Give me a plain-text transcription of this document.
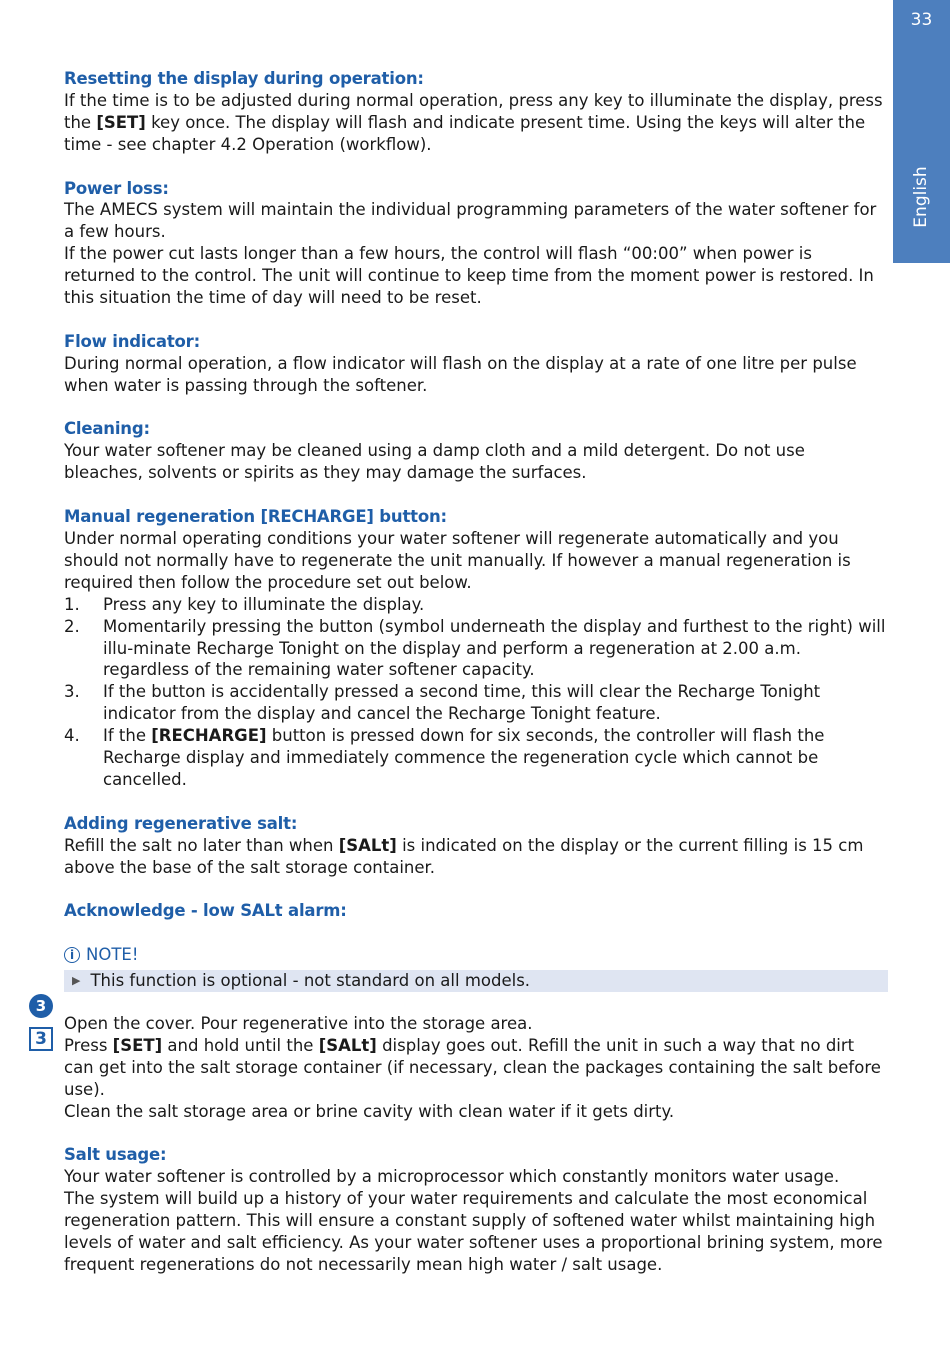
33
English
3
3
Resetting the display during operation:

If the time is to be adjusted during normal operation, press any key to illuminate the display, press the [SET] key once. The display will flash and indicate present time. Using the keys will alter the time - see chapter 4.2 Operation (workflow).

Power loss:

The AMECS system will maintain the individual programming parameters of the water softener for a few hours.

If the power cut lasts longer than a few hours, the control will flash “00:00” when power is returned to the control. The unit will continue to keep time from the moment power is restored. In this situation the time of day will need to be reset.

Flow indicator:

During normal operation, a flow indicator will flash on the display at a rate of one litre per pulse when water is passing through the softener.

Cleaning:

Your water softener may be cleaned using a damp cloth and a mild detergent. Do not use bleaches, solvents or spirits as they may damage the surfaces.

Manual regeneration [RECHARGE] button:

Under normal operating conditions your water softener will regenerate automatically and you should not normally have to regenerate the unit manually. If however a manual regeneration is required then follow the procedure set out below.

1. Press any key to illuminate the display.
2. Momentarily pressing the button (symbol underneath the display and furthest to the right) will illu-minate Recharge Tonight on the display and perform a regeneration at 2.00 a.m. regardless of the remaining water softener capacity.
3. If the button is accidentally pressed a second time, this will clear the Recharge Tonight indicator from the display and cancel the Recharge Tonight feature.
4. If the [RECHARGE] button is pressed down for six seconds, the controller will flash the Recharge display and immediately commence the regeneration cycle which cannot be cancelled.
Adding regenerative salt:

Refill the salt no later than when [SALt] is indicated on the display or the current filling is 15 cm above the base of the salt storage container.

Acknowledge - low SALt alarm:
i NOTE!
▶ This function is optional - not standard on all models.

Open the cover. Pour regenerative into the storage area.

Press [SET] and hold until the [SALt] display goes out. Refill the unit in such a way that no dirt can get into the salt storage container (if necessary, clean the packages containing the salt before use).

Clean the salt storage area or brine cavity with clean water if it gets dirty.

Salt usage:

Your water softener is controlled by a microprocessor which constantly monitors water usage.

The system will build up a history of your water requirements and calculate the most economical regeneration pattern. This will ensure a constant supply of softened water whilst maintaining high levels of water and salt efficiency. As your water softener uses a proportional brining system, more frequent regenerations do not necessarily mean high water / salt usage.
